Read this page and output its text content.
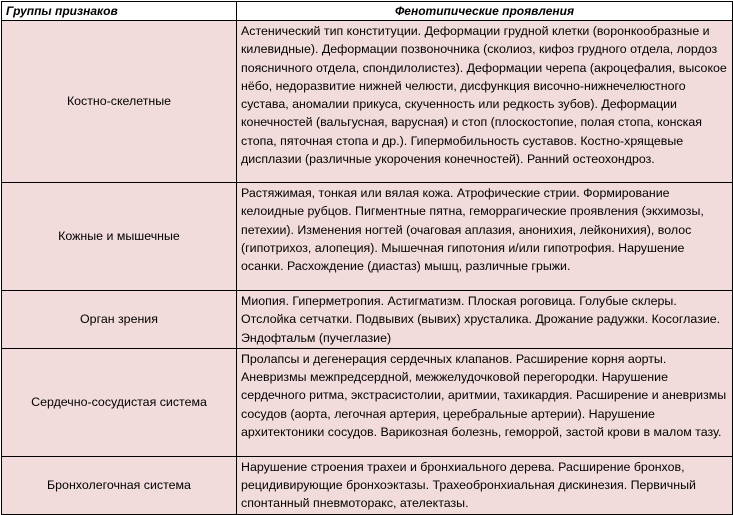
Группы признаков	Фенотипические проявления
Костно-скелетные	Астенический тип конституции. Деформации грудной клетки (воронкообразные и килевидные). Деформации позвоночника (сколиоз, кифоз грудного отдела, лордоз поясничного отдела, спондилолистез). Деформации черепа (акроцефалия, высокое нёбо, недоразвитие нижней челюсти, дисфункция височно-нижнечелюстного сустава, аномалии прикуса, скученность или редкость зубов). Деформации конечностей (вальгусная, варусная) и стоп (плоскостопие, полая стопа, конская стопа, пяточная стопа и др.). Гипермобильность суставов. Костно-хрящевые дисплазии (различные укорочения конечностей). Ранний остеохондроз.
Кожные и мышечные	Растяжимая, тонкая или вялая кожа. Атрофические стрии. Формирование келоидные рубцов. Пигментные пятна, геморрагические проявления (экхимозы, петехии). Изменения ногтей (очаговая аплазия, анонихия, лейконихия), волос (гипотрихоз, алопеция). Мышечная гипотония и/или гипотрофия. Нарушение осанки. Расхождение (диастаз) мышц, различные грыжи.
Орган зрения	Миопия. Гиперметропия. Астигматизм. Плоская роговица. Голубые склеры. Отслойка сетчатки. Подвывих (вывих) хрусталика. Дрожание радужки. Косоглазие. Эндофтальм (пучеглазие)
Сердечно-сосудистая система	Пролапсы и дегенерация сердечных клапанов. Расширение корня аорты. Аневризмы межпредсердной, межжелудочковой перегородки. Нарушение сердечного ритма, экстрасистолии, аритмии, тахикардия. Расширение и аневризмы сосудов (аорта, легочная артерия, церебральные артерии). Нарушение архитектоники сосудов. Варикозная болезнь, геморрой, застой крови в малом тазу.
Бронхолегочная система	Нарушение строения трахеи и бронхиального дерева. Расширение бронхов, рецидивирующие бронхоэктазы. Трахеобронхиальная дискинезия. Первичный спонтанный пневмоторакс, ателектазы.
